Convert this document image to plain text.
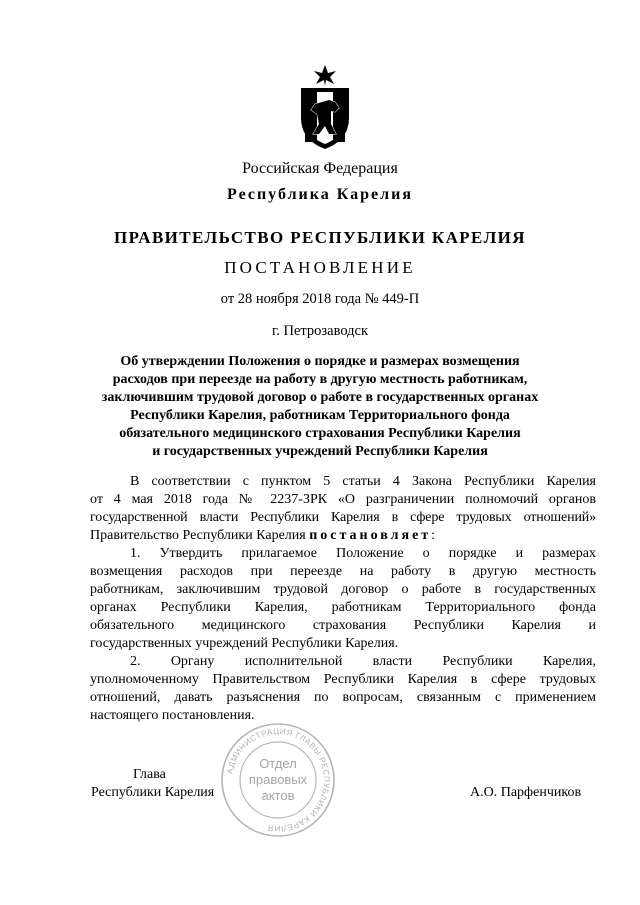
Российская Федерация
Республика Карелия
ПРАВИТЕЛЬСТВО РЕСПУБЛИКИ КАРЕЛИЯ
ПОСТАНОВЛЕНИЕ
от 28 ноября 2018 года № 449-П
г. Петрозаводск
Об утверждении Положения о порядке и размерах возмещения
расходов при переезде на работу в другую местность работникам,
заключившим трудовой договор о работе в государственных органах
Республики Карелия, работникам Территориального фонда
обязательного медицинского страхования Республики Карелия
и государственных учреждений Республики Карелия
В соответствии с пунктом 5 статьи 4 Закона Республики Карелия
от 4 мая 2018 года № 2237-ЗРК «О разграничении полномочий органов
государственной власти Республики Карелия в сфере трудовых отношений»
Правительство Республики Карелия постановляет:
1. Утвердить прилагаемое Положение о порядке и размерах
возмещения расходов при переезде на работу в другую местность
работникам, заключившим трудовой договор о работе в государственных
органах Республики Карелия, работникам Территориального фонда
обязательного медицинского страхования Республики Карелия и
государственных учреждений Республики Карелия.
2. Органу исполнительной власти Республики Карелия,
уполномоченному Правительством Республики Карелия в сфере трудовых
отношений, давать разъяснения по вопросам, связанным с применением
настоящего постановления.
АДМИНИСТРАЦИЯ ГЛАВЫ РЕСПУБЛИКИ КАРЕЛИЯ
Отдел
правовых
актов
Глава
Республики Карелия	А.О. Парфенчиков
